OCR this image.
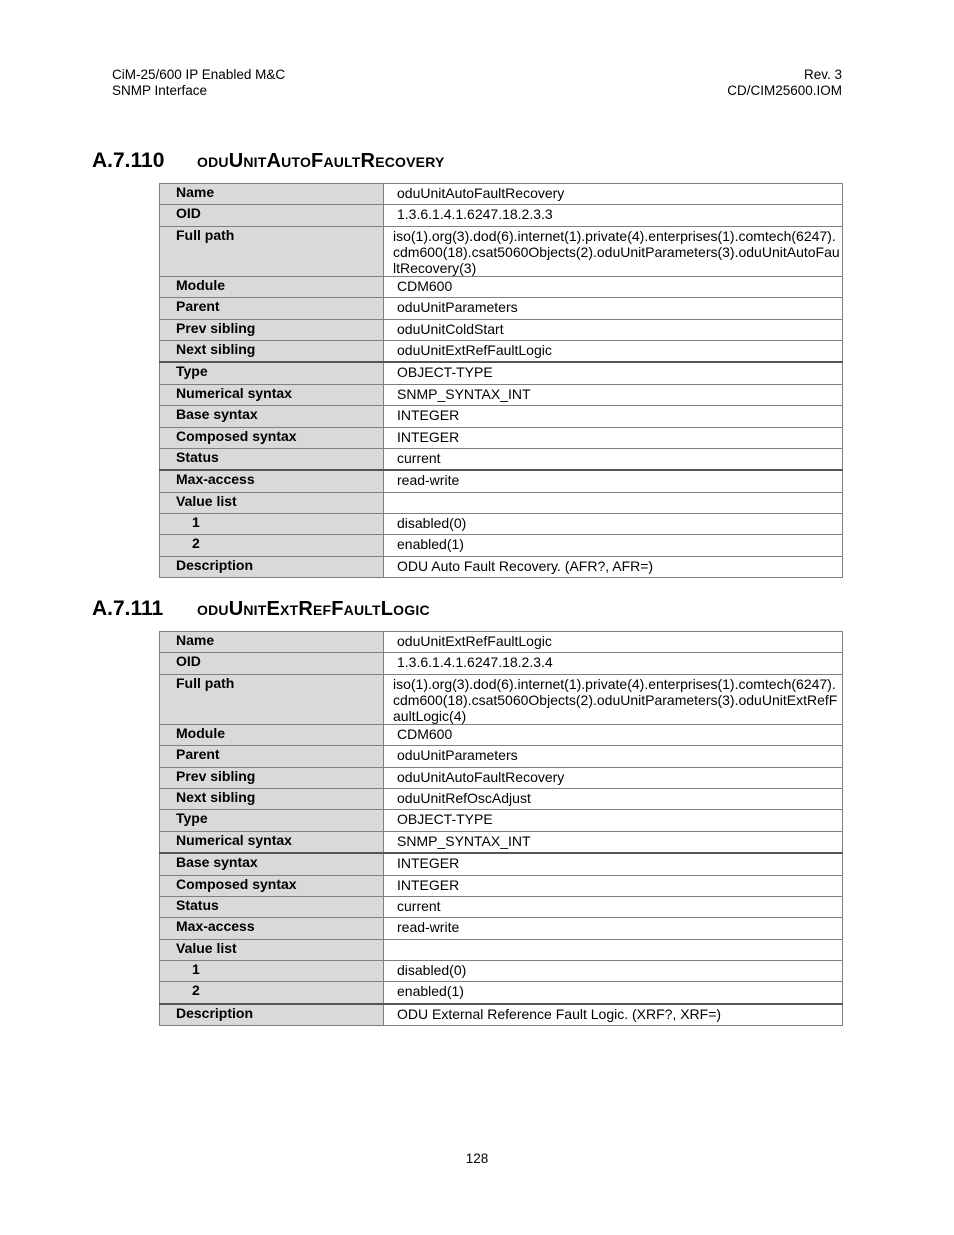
CiM-25/600 IP Enabled M&C
SNMP Interface
Rev. 3
CD/CIM25600.IOM
A.7.110 oduUnitAutoFaultRecovery
Name	oduUnitAutoFaultRecovery
OID	1.3.6.1.4.1.6247.18.2.3.3
Full path	iso(1).org(3).dod(6).internet(1).private(4).enterprises(1).comtech(6247).cdm600(18).csat5060Objects(2).oduUnitParameters(3).oduUnitAutoFaultRecovery(3)
Module	CDM600
Parent	oduUnitParameters
Prev sibling	oduUnitColdStart
Next sibling	oduUnitExtRefFaultLogic
Type	OBJECT-TYPE
Numerical syntax	SNMP_SYNTAX_INT
Base syntax	INTEGER
Composed syntax	INTEGER
Status	current
Max-access	read-write
Value list	
1	disabled(0)
2	enabled(1)
Description	ODU Auto Fault Recovery. (AFR?, AFR=)
A.7.111 oduUnitExtRefFaultLogic
Name	oduUnitExtRefFaultLogic
OID	1.3.6.1.4.1.6247.18.2.3.4
Full path	iso(1).org(3).dod(6).internet(1).private(4).enterprises(1).comtech(6247).cdm600(18).csat5060Objects(2).oduUnitParameters(3).oduUnitExtRefFaultLogic(4)
Module	CDM600
Parent	oduUnitParameters
Prev sibling	oduUnitAutoFaultRecovery
Next sibling	oduUnitRefOscAdjust
Type	OBJECT-TYPE
Numerical syntax	SNMP_SYNTAX_INT
Base syntax	INTEGER
Composed syntax	INTEGER
Status	current
Max-access	read-write
Value list	
1	disabled(0)
2	enabled(1)
Description	ODU External Reference Fault Logic. (XRF?, XRF=)
128
